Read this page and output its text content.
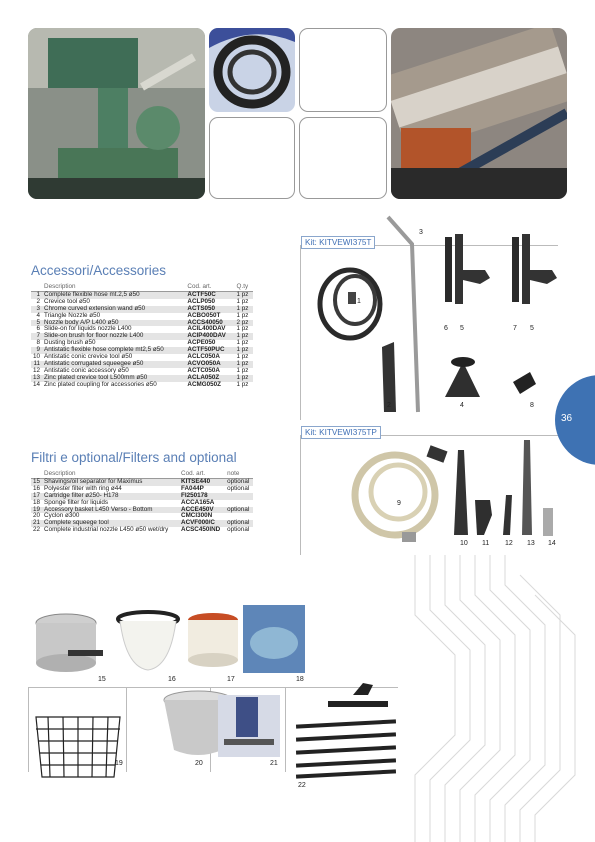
Accessori/Accessories
	Description	Cod. art.	Q.ty
1	Complete flexible hose mt.2,5 ø50	ACTF50C	1 pz
2	Crevice tool ø50	ACLP050	1 pz
3	Chrome curved extension wand ø50	ACTS050	1 pz
4	Triangle Nozzle ø50	ACBO050T	1 pz
5	Nozzle body A/P L400 ø50	ACCS40050	2 pz
6	Slide-on for liquids nozzle L400	ACIL400DAV	1 pz
7	Slide-on brush for floor nozzle L400	ACIP400DAV	1 pz
8	Dusting brush ø50	ACPE050	1 pz
9	Antistatic flexible hose complete mt2,5 ø50	ACTF50PUC	1 pz
10	Antistatic conic crevice tool ø50	ACLC050A	1 pz
11	Antistatic corrugated squeegee ø50	ACVO050A	1 pz
12	Antistatic conic accessory ø50	ACTC050A	1 pz
13	Zinc plated crevice tool L500mm ø50	ACLA050Z	1 pz
14	Zinc plated coupling for accessories ø50	ACMG050Z	1 pz
Filtri e optional/Filters and optional
	Description	Cod. art.	note
15	Shavings/oil separator for Maximus	KITSE440	optional
16	Polyester filter with ring ø44	FA044P	optional
17	Cartridge filter ø250- H178	FI250178	
18	Sponge filter for liquids	ACCA165A	
19	Accessory basket L450 Verso - Bottom	ACCE450V	optional
20	Cyclon ø300	CMCI300N	
21	Complete squeege tool	ACVF000/C	optional
22	Complete industrial nozzle L450 ø50 wet/dry	ACSC450IND	optional
Kit: KITVEWI375T
1
2
3
4
6 5	7 5
8
Kit: KITVEWI375TP
9
10 11 12 13 14
36
15	16	17	18
19	20	21
22
